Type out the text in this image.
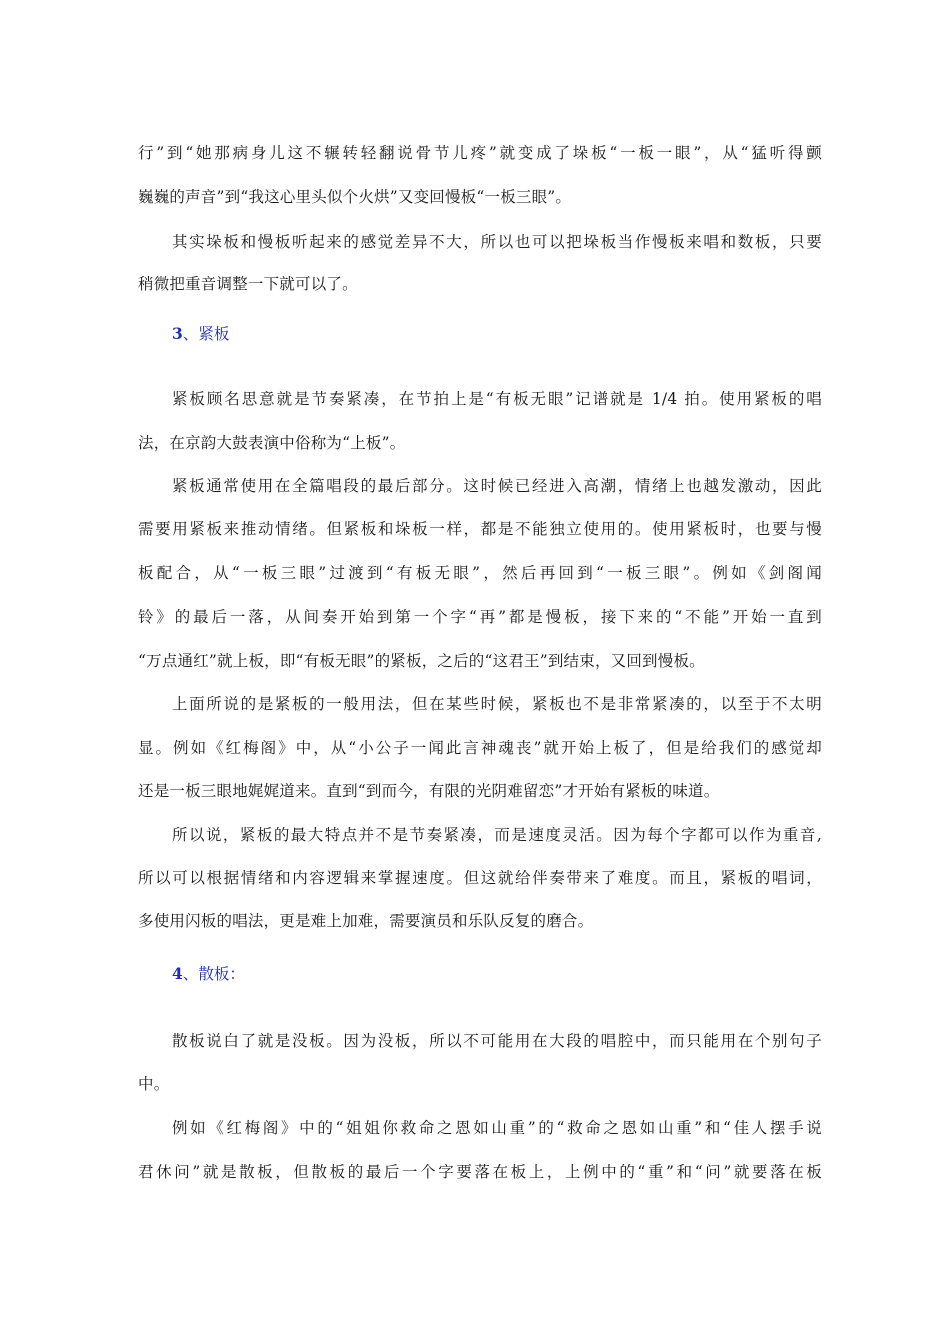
行”到“她那病身儿这不辗转轻翻说骨节儿疼”就变成了垛板“一板一眼”，从“猛听得颤
巍巍的声音”到“我这心里头似个火烘”又变回慢板“一板三眼”。
其实垛板和慢板听起来的感觉差异不大，所以也可以把垛板当作慢板来唱和数板，只要
稍微把重音调整一下就可以了。
3、紧板
紧板顾名思意就是节奏紧凑，在节拍上是“有板无眼”记谱就是 1/4 拍。使用紧板的唱
法，在京韵大鼓表演中俗称为“上板”。
紧板通常使用在全篇唱段的最后部分。这时候已经进入高潮，情绪上也越发激动，因此
需要用紧板来推动情绪。但紧板和垛板一样，都是不能独立使用的。使用紧板时，也要与慢
板配合，从“一板三眼”过渡到“有板无眼”，然后再回到“一板三眼”。例如《剑阁闻
铃》的最后一落，从间奏开始到第一个字“再”都是慢板，接下来的“不能”开始一直到
“万点通红”就上板，即“有板无眼”的紧板，之后的“这君王”到结束，又回到慢板。
上面所说的是紧板的一般用法，但在某些时候，紧板也不是非常紧凑的，以至于不太明
显。例如《红梅阁》中，从“小公子一闻此言神魂丧”就开始上板了，但是给我们的感觉却
还是一板三眼地娓娓道来。直到“到而今，有限的光阴难留恋”才开始有紧板的味道。
所以说，紧板的最大特点并不是节奏紧凑，而是速度灵活。因为每个字都可以作为重音,
所以可以根据情绪和内容逻辑来掌握速度。但这就给伴奏带来了难度。而且，紧板的唱词，
多使用闪板的唱法，更是难上加难，需要演员和乐队反复的磨合。
4、散板：
散板说白了就是没板。因为没板，所以不可能用在大段的唱腔中，而只能用在个别句子
中。
例如《红梅阁》中的“姐姐你救命之恩如山重”的“救命之恩如山重”和“佳人摆手说
君休问”就是散板，但散板的最后一个字要落在板上，上例中的“重”和“问”就要落在板
